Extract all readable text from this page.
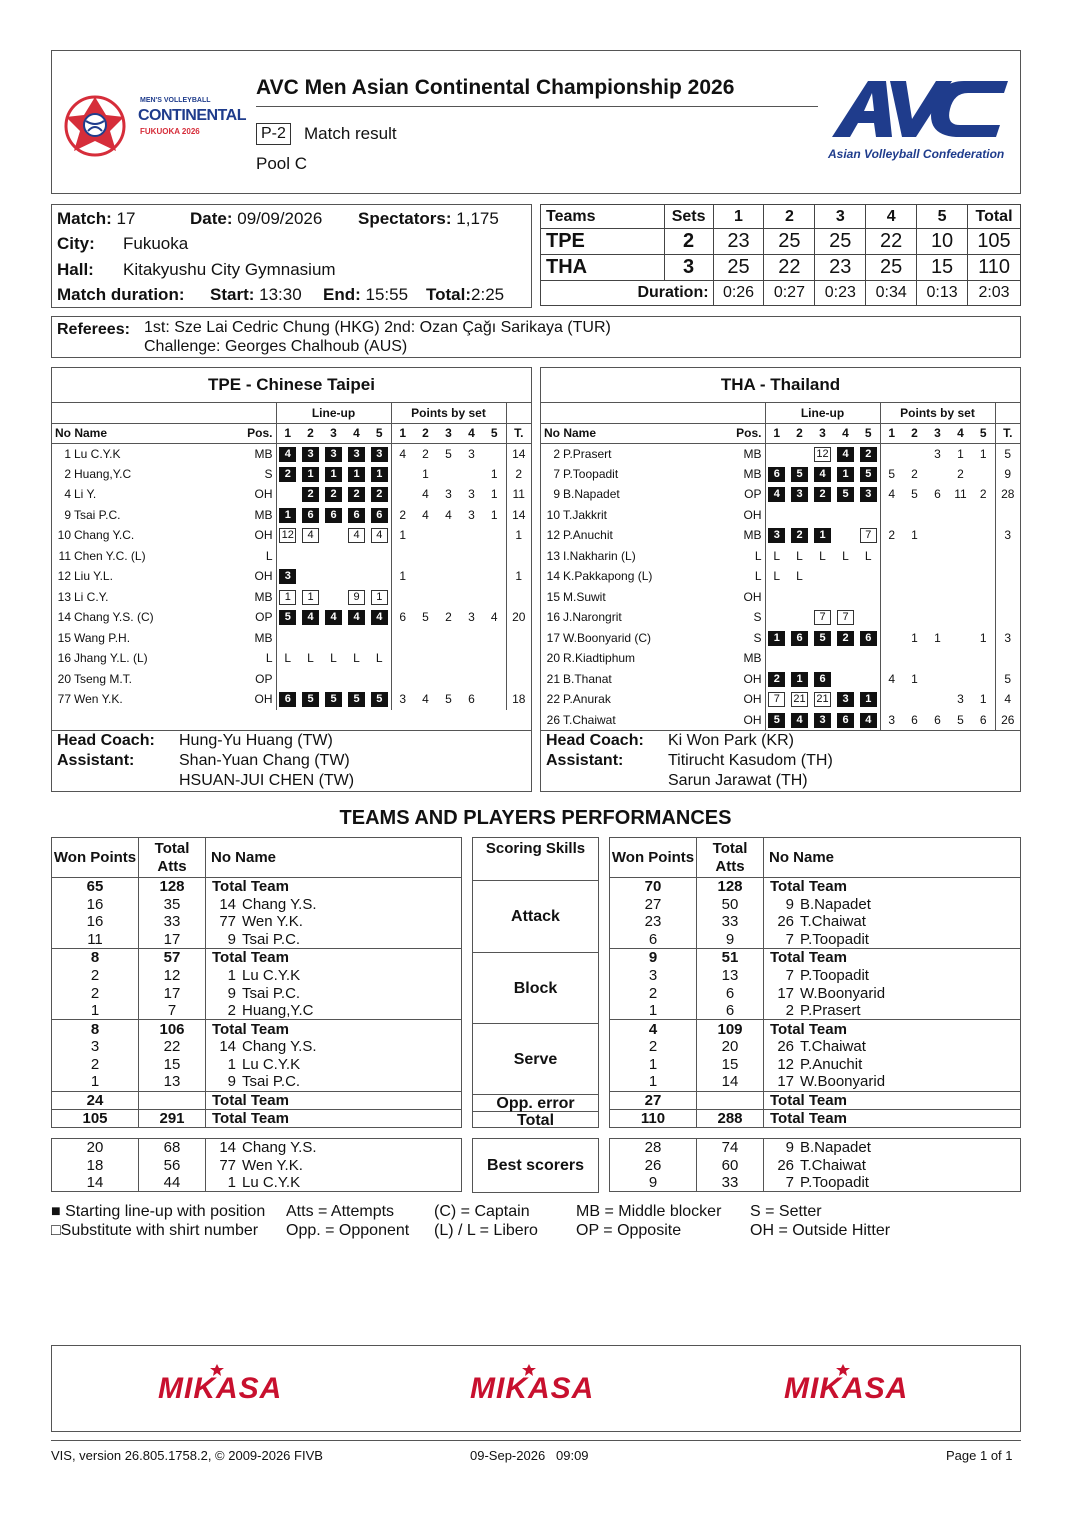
MEN'S VOLLEYBALL
CONTINENTAL
FUKUOKA 2026
AVC Men Asian Continental Championship 2026
P-2 Match result
Pool C	Asian Volleyball Confederation
Match: 17	Date: 09/09/2026 Spectators: 1,175
City: Fukuoka
Hall: Kitakyushu City Gymnasium
Match duration: Start: 13:30 End: 15:55 Total:2:25
Teams	Sets	1	2	3	4	5	Total
TPE	2	23	25	25	22	10	105
THA	3	25	22	23	25	15	110
Duration:		0:26	0:27	0:23	0:34	0:13	2:03
Referees: 1st: Sze Lai Cedric Chung (HKG) 2nd: Ozan Çağı Sarikaya (TUR)
Challenge: Georges Chalhoub (AUS)
TPE - Chinese Taipei
			Line-up					Points by set					
No Name		Pos.	1	2	3	4	5	1	2	3	4	5	T.
1	Lu C.Y.K	MB	4	3	3	3	3	4	2	5	3		14
2	Huang,Y.C	S	2	1	1	1	1		1			1	2
4	Li Y.	OH		2	2	2	2		4	3	3	1	11
9	Tsai P.C.	MB	1	6	6	6	6	2	4	4	3	1	14
10	Chang Y.C.	OH	12	4		4	4	1					1
11	Chen Y.C. (L)	L											
12	Liu Y.L.	OH	3					1					1
13	Li C.Y.	MB	1	1		9	1						
14	Chang Y.S. (C)	OP	5	4	4	4	4	6	5	2	3	4	20
15	Wang P.H.	MB											
16	Jhang Y.L. (L)	L	L	L	L	L	L						
20	Tseng M.T.	OP											
77	Wen Y.K.	OH	6	5	5	5	5	3	4	5	6		18
Head Coach:	Hung-Yu Huang (TW)
Assistant:	Shan-Yuan Chang (TW)
	HSUAN-JUI CHEN (TW)
THA - Thailand
			Line-up					Points by set					
No Name		Pos.	1	2	3	4	5	1	2	3	4	5	T.
2	P.Prasert	MB			12	4	2			3	1	1	5
7	P.Toopadit	MB	6	5	4	1	5	5	2		2		9
9	B.Napadet	OP	4	3	2	5	3	4	5	6	11	2	28
10	T.Jakkrit	OH											
12	P.Anuchit	MB	3	2	1		7	2	1				3
13	I.Nakharin (L)	L	L	L	L	L	L						
14	K.Pakkapong (L)	L	L	L									
15	M.Suwit	OH											
16	J.Narongrit	S			7	7							
17	W.Boonyarid (C)	S	1	6	5	2	6		1	1		1	3
20	R.Kiadtiphum	MB											
21	B.Thanat	OH	2	1	6			4	1				5
22	P.Anurak	OH	7	21	21	3	1				3	1	4
26	T.Chaiwat	OH	5	4	3	6	4	3	6	6	5	6	26
Head Coach:	Ki Won Park (KR)
Assistant:	Titirucht Kasudom (TH)
	Sarun Jarawat (TH)
TEAMS AND PLAYERS PERFORMANCES
Won Points	Total Atts	No Name
65	128	Total Team
16	35	14 Chang Y.S.
16	33	77 Wen Y.K.
11	17	9 Tsai P.C.
8	57	Total Team
2	12	1 Lu C.Y.K
2	17	9 Tsai P.C.
1	7	2 Huang,Y.C
8	106	Total Team
3	22	14 Chang Y.S.
2	15	1 Lu C.Y.K
1	13	9 Tsai P.C.
24		Total Team
105	291	Total Team
20	68	14 Chang Y.S.
18	56	77 Wen Y.K.
14	44	1 Lu C.Y.K
Scoring Skills
Attack
Block
Serve
Opp. error
Total
Best scorers
Won Points	Total Atts	No Name
70	128	Total Team
27	50	9 B.Napadet
23	33	26 T.Chaiwat
6	9	7 P.Toopadit
9	51	Total Team
3	13	7 P.Toopadit
2	6	17 W.Boonyarid
1	6	2 P.Prasert
4	109	Total Team
2	20	26 T.Chaiwat
1	15	12 P.Anuchit
1	14	17 W.Boonyarid
27		Total Team
110	288	Total Team
28	74	9 B.Napadet
26	60	26 T.Chaiwat
9	33	7 P.Toopadit
■ Starting line-up with position
□Substitute with shirt number
Atts = Attempts
Opp. = Opponent
(C) = Captain
(L) / L = Libero
MB = Middle blocker
OP = Opposite
S = Setter
OH = Outside Hitter
MIKASA	MIKASA	MIKASA
VIS, version 26.805.1758.2, © 2009-2026 FIVB	09-Sep-2026   09:09	Page 1 of 1
